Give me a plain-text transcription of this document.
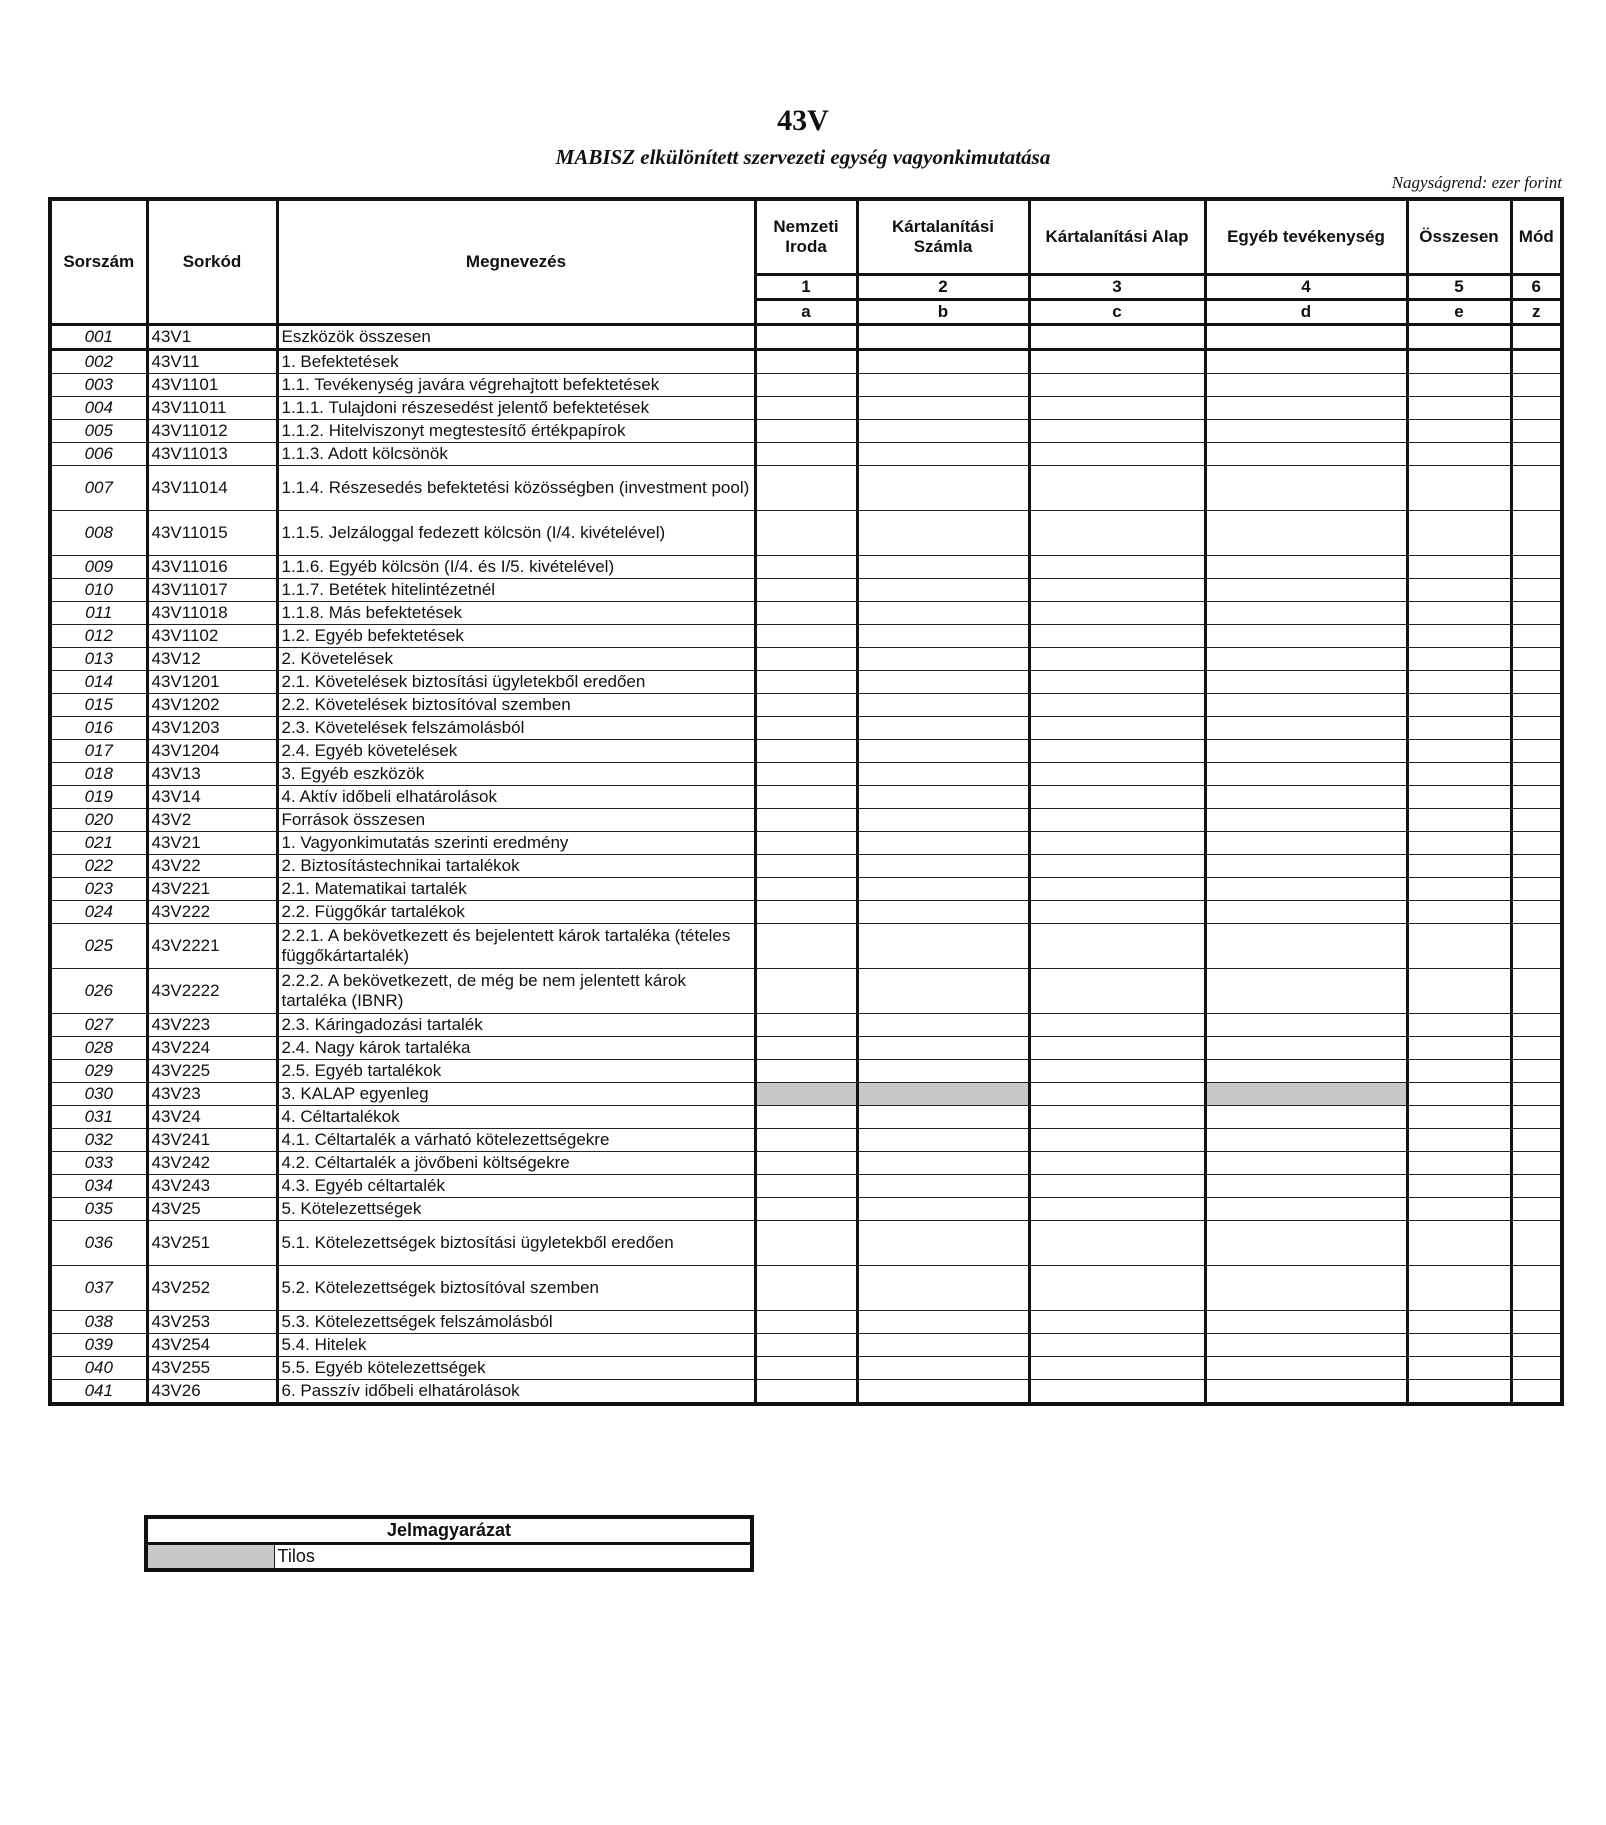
43V
MABISZ elkülönített szervezeti egység vagyonkimutatása
Nagyságrend: ezer forint
Sorszám	Sorkód	Megnevezés	Nemzeti Iroda	Kártalanítási Számla	Kártalanítási Alap	Egyéb tevékenység	Összesen	Mód
			1	2	3	4	5	6
			a	b	c	d	e	z
001	43V1	Eszközök összesen						
002	43V11	1. Befektetések						
003	43V1101	1.1. Tevékenység javára végrehajtott befektetések						
004	43V11011	1.1.1. Tulajdoni részesedést jelentő befektetések						
005	43V11012	1.1.2. Hitelviszonyt megtestesítő értékpapírok						
006	43V11013	1.1.3. Adott kölcsönök						
007	43V11014	1.1.4. Részesedés befektetési közösségben (investment pool)						
008	43V11015	1.1.5. Jelzáloggal fedezett kölcsön (I/4. kivételével)						
009	43V11016	1.1.6. Egyéb kölcsön (I/4. és I/5. kivételével)						
010	43V11017	1.1.7. Betétek hitelintézetnél						
011	43V11018	1.1.8. Más befektetések						
012	43V1102	1.2. Egyéb befektetések						
013	43V12	2. Követelések						
014	43V1201	2.1. Követelések biztosítási ügyletekből eredően						
015	43V1202	2.2. Követelések biztosítóval szemben						
016	43V1203	2.3. Követelések felszámolásból						
017	43V1204	2.4. Egyéb követelések						
018	43V13	3. Egyéb eszközök						
019	43V14	4. Aktív időbeli elhatárolások						
020	43V2	Források összesen						
021	43V21	1. Vagyonkimutatás szerinti eredmény						
022	43V22	2. Biztosítástechnikai tartalékok						
023	43V221	2.1. Matematikai tartalék						
024	43V222	2.2. Függőkár tartalékok						
025	43V2221	2.2.1. A bekövetkezett és bejelentett károk tartaléka (tételes függőkártartalék)						
026	43V2222	2.2.2. A bekövetkezett, de még be nem jelentett károk tartaléka (IBNR)						
027	43V223	2.3. Káringadozási tartalék						
028	43V224	2.4. Nagy károk tartaléka						
029	43V225	2.5. Egyéb tartalékok						
030	43V23	3. KALAP egyenleg						
031	43V24	4. Céltartalékok						
032	43V241	4.1. Céltartalék a várható kötelezettségekre						
033	43V242	4.2. Céltartalék a jövőbeni költségekre						
034	43V243	4.3. Egyéb céltartalék						
035	43V25	5. Kötelezettségek						
036	43V251	5.1. Kötelezettségek biztosítási ügyletekből eredően						
037	43V252	5.2. Kötelezettségek biztosítóval szemben						
038	43V253	5.3. Kötelezettségek felszámolásból						
039	43V254	5.4. Hitelek						
040	43V255	5.5. Egyéb kötelezettségek						
041	43V26	6. Passzív időbeli elhatárolások						
Jelmagyarázat
	Tilos
